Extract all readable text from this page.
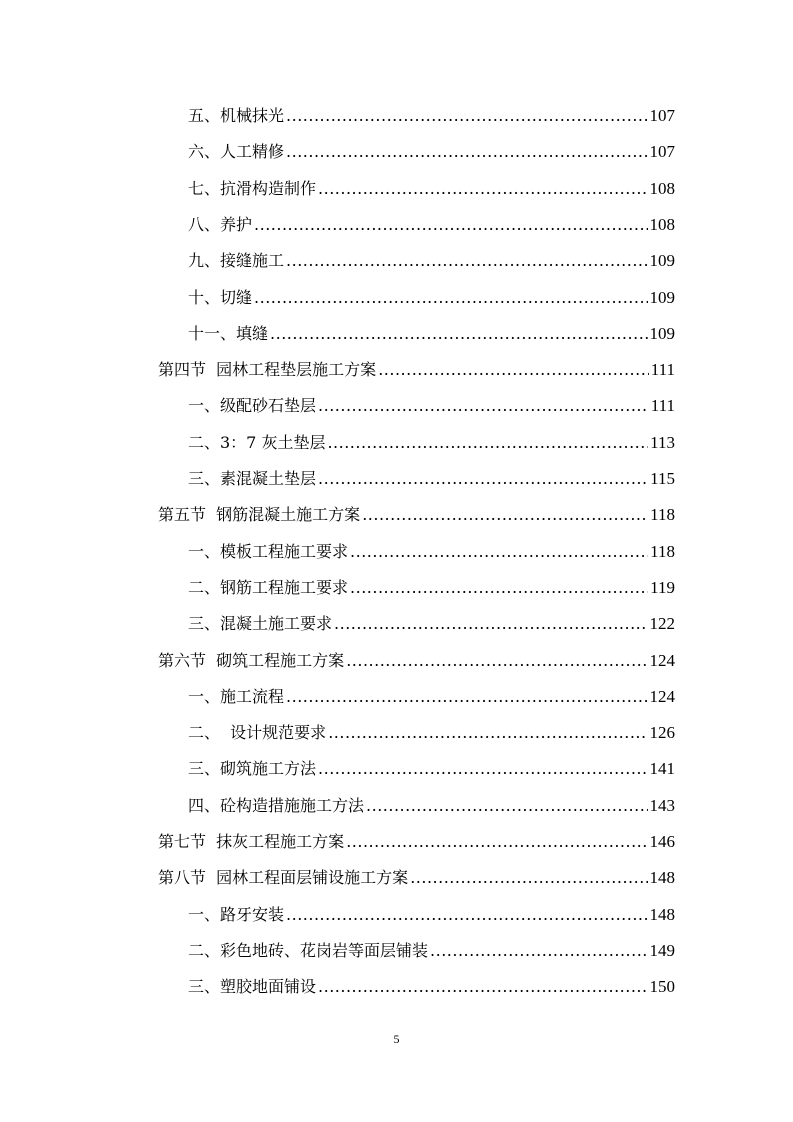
五、机械抹光 .....	107
六、人工精修 .....	107
七、抗滑构造制作 .....	108
八、养护 .....	108
九、接缝施工 .....	109
十、切缝 .....	109
十一、填缝 .....	109
第四节  园林工程垫层施工方案 .....	111
一、级配砂石垫层 .....	111
二、3：7 灰土垫层 .....	113
三、素混凝土垫层 .....	115
第五节  钢筋混凝土施工方案 .....	118
一、模板工程施工要求 .....	118
二、钢筋工程施工要求 .....	119
三、混凝土施工要求 .....	122
第六节  砌筑工程施工方案 .....	124
一、施工流程 .....	124
二、  设计规范要求 .....	126
三、砌筑施工方法 .....	141
四、砼构造措施施工方法 .....	143
第七节  抹灰工程施工方案 .....	146
第八节  园林工程面层铺设施工方案 .....	148
一、路牙安装 .....	148
二、彩色地砖、花岗岩等面层铺装 .....	149
三、塑胶地面铺设 .....	150
5
